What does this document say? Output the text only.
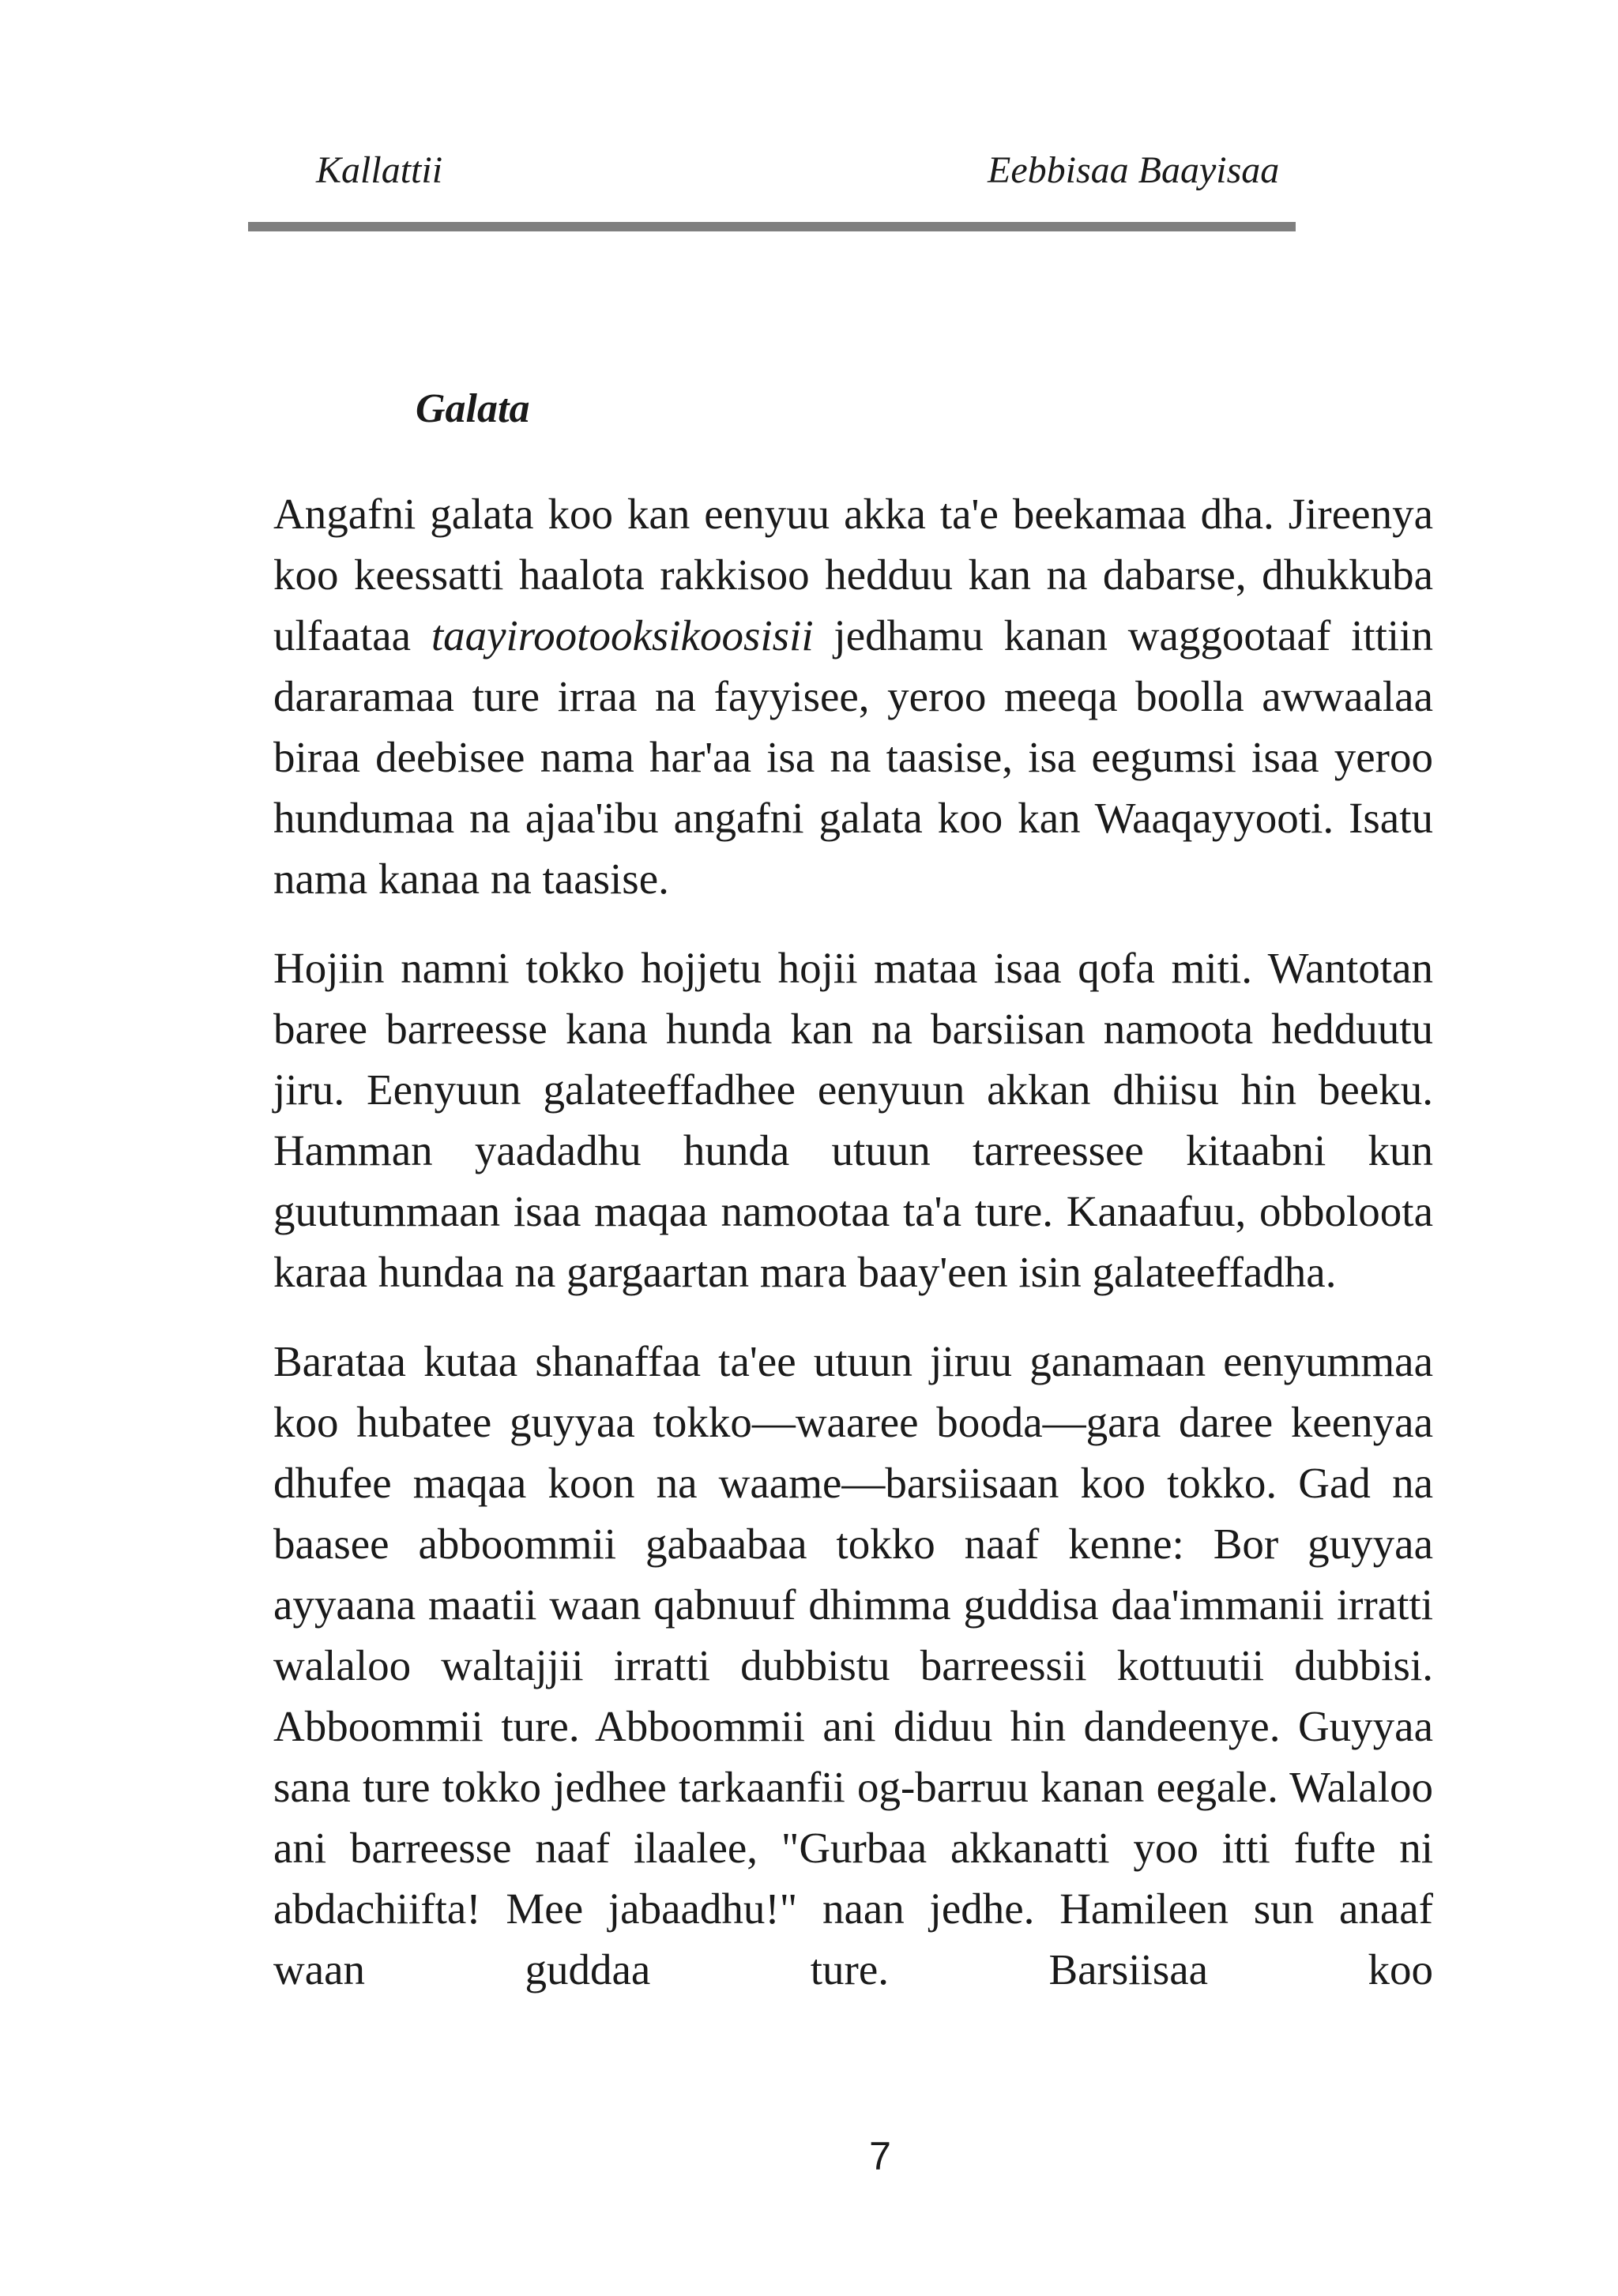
Kallattii	Eebbisaa Baayisaa
Galata

Angafni galata koo kan eenyuu akka ta'e beekamaa dha. Jireenya koo keessatti haalota rakkisoo hedduu kan na dabarse, dhukkuba ulfaataa taayirootooksikoosisii jedhamu kanan waggootaaf ittiin dararamaa ture irraa na fayyisee, yeroo meeqa boolla awwaalaa biraa deebisee nama har'aa isa na taasise, isa eegumsi isaa yeroo hundumaa na ajaa'ibu angafni galata koo kan Waaqayyooti. Isatu nama kanaa na taasise.

Hojiin namni tokko hojjetu hojii mataa isaa qofa miti. Wantotan baree barreesse kana hunda kan na barsiisan namoota hedduutu jiru. Eenyuun galateeffadhee eenyuun akkan dhiisu hin beeku. Hamman yaadadhu hunda utuun tarreessee kitaabni kun guutummaan isaa maqaa namootaa ta'a ture. Kanaafuu, obboloota karaa hundaa na gargaartan mara baay'een isin galateeffadha.

Barataa kutaa shanaffaa ta'ee utuun jiruu ganamaan eenyummaa koo hubatee guyyaa tokko—waaree booda—gara daree keenyaa dhufee maqaa koon na waame—barsiisaan koo tokko. Gad na baasee abboommii gabaabaa tokko naaf kenne: Bor guyyaa ayyaana maatii waan qabnuuf dhimma guddisa daa'immanii irratti walaloo waltajjii irratti dubbistu barreessii kottuutii dubbisi. Abboommii ture. Abboommii ani diduu hin dandeenye. Guyyaa sana ture tokko jedhee tarkaanfii og-barruu kanan eegale. Walaloo ani barreesse naaf ilaalee, "Gurbaa akkanatti yoo itti fufte ni abdachiifta! Mee jabaadhu!" naan jedhe. Hamileen sun anaaf waan guddaa ture. Barsiisaa koo

7
